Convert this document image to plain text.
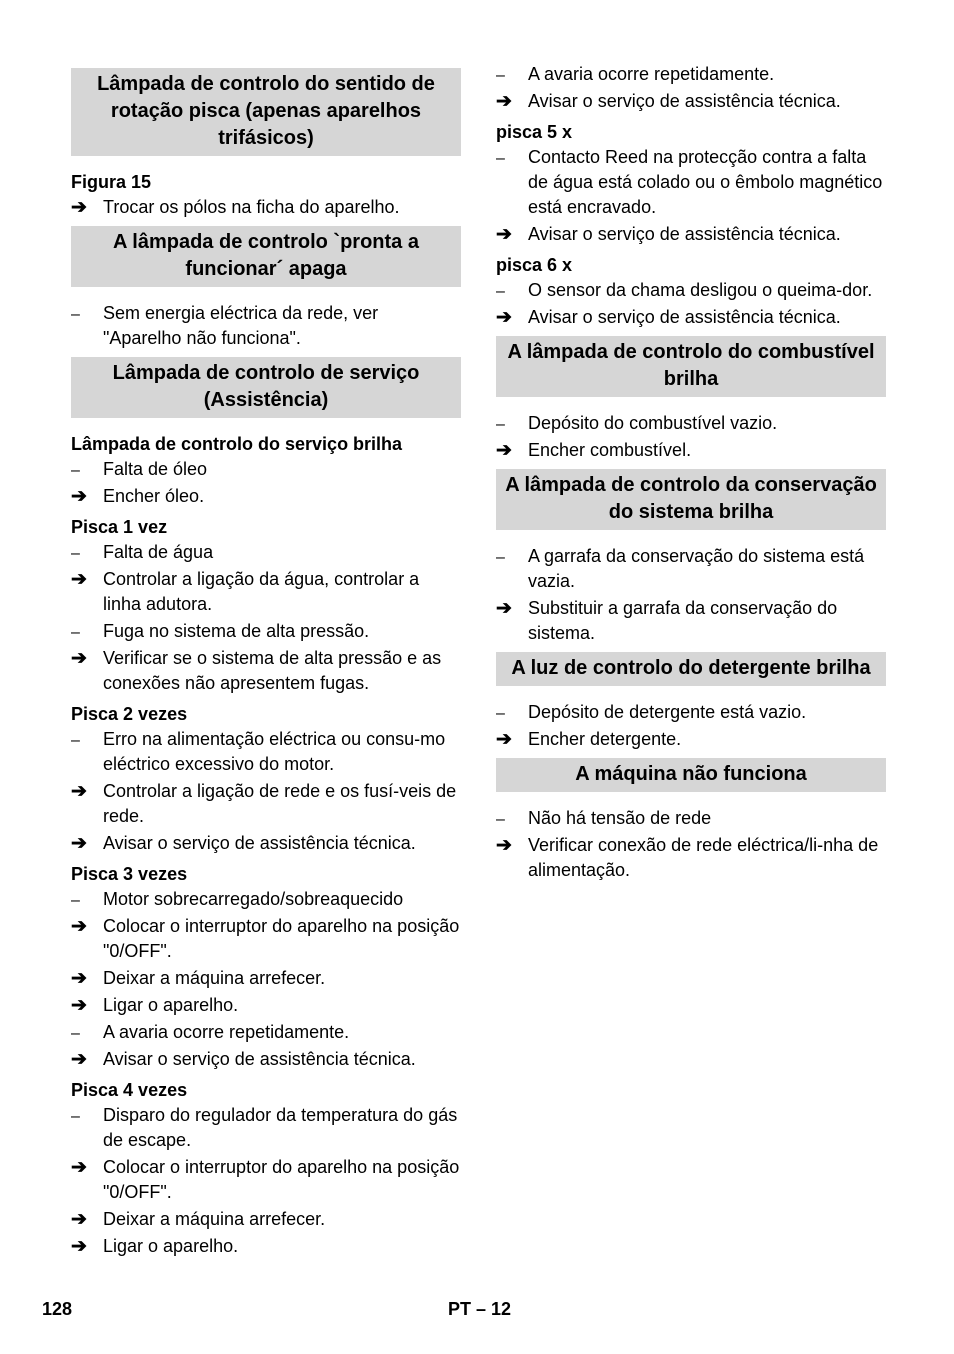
Lâmpada de controlo do sentido de rotação pisca (apenas aparelhos trifásicos)
Figura 15
➔
Trocar os pólos na ficha do aparelho.
A lâmpada de controlo `pronta a funcionar´ apaga
–
Sem energia eléctrica da rede, ver "Aparelho não funciona".
Lâmpada de controlo de serviço (Assistência)
Lâmpada de controlo do serviço brilha
–
Falta de óleo
➔
Encher óleo.
Pisca 1 vez
–
Falta de água
➔
Controlar a ligação da água, controlar a linha adutora.
–
Fuga no sistema de alta pressão.
➔
Verificar se o sistema de alta pressão e as conexões não apresentem fugas.
Pisca 2 vezes
–
Erro na alimentação eléctrica ou consu-mo eléctrico excessivo do motor.
➔
Controlar a ligação de rede e os fusí-veis de rede.
➔
Avisar o serviço de assistência técnica.
Pisca 3 vezes
–
Motor sobrecarregado/sobreaquecido
➔
Colocar o interruptor do aparelho na posição "0/OFF".
➔
Deixar a máquina arrefecer.
➔
Ligar o aparelho.
–
A avaria ocorre repetidamente.
➔
Avisar o serviço de assistência técnica.
Pisca 4 vezes
–
Disparo do regulador da temperatura do gás de escape.
➔
Colocar o interruptor do aparelho na posição "0/OFF".
➔
Deixar a máquina arrefecer.
➔
Ligar o aparelho.
–
A avaria ocorre repetidamente.
➔
Avisar o serviço de assistência técnica.
pisca 5 x
–
Contacto Reed na protecção contra a falta de água está colado ou o êmbolo magnético está encravado.
➔
Avisar o serviço de assistência técnica.
pisca 6 x
–
O sensor da chama desligou o queima-dor.
➔
Avisar o serviço de assistência técnica.
A lâmpada de controlo do combustível brilha
–
Depósito do combustível vazio.
➔
Encher combustível.
A lâmpada de controlo da conservação do sistema brilha
–
A garrafa da conservação do sistema está vazia.
➔
Substituir a garrafa da conservação do sistema.
A luz de controlo do detergente brilha
–
Depósito de detergente está vazio.
➔
Encher detergente.
A máquina não funciona
–
Não há tensão de rede
➔
Verificar conexão de rede eléctrica/li-nha de alimentação.
128	PT – 12
